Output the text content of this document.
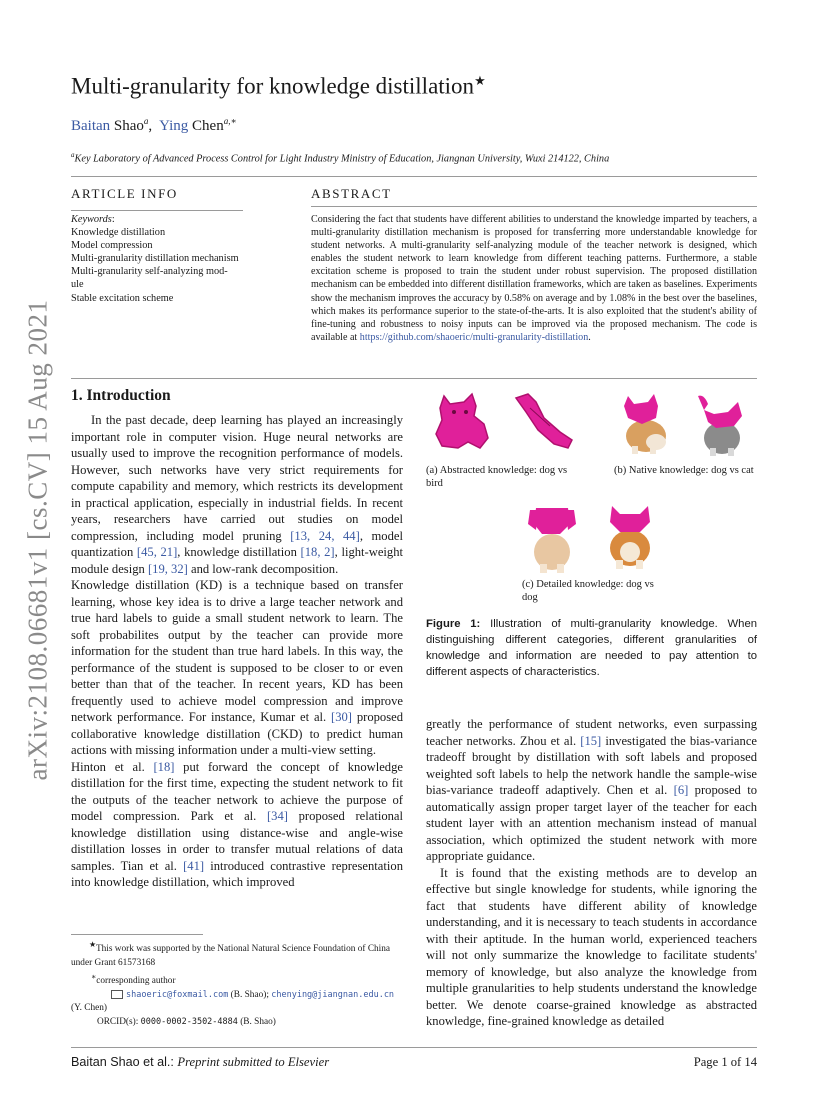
arXiv:2108.06681v1 [cs.CV] 15 Aug 2021
Multi-granularity for knowledge distillation★
Baitan Shao$^a$,  Ying Chen$^{a,∗}$
$^a$Key Laboratory of Advanced Process Control for Light Industry Ministry of Education, Jiangnan University, Wuxi 214122, China
ARTICLE INFO
Keywords:
Knowledge distillation
Model compression
Multi-granularity distillation mechanism
Multi-granularity self-analyzing mod-
ule
Stable excitation scheme
ABSTRACT
Considering the fact that students have different abilities to understand the knowledge imparted by teachers, a multi-granularity distillation mechanism is proposed for transferring more understandable knowledge for student networks. A multi-granularity self-analyzing module of the teacher network is designed, which enables the student network to learn knowledge from different teaching patterns. Furthermore, a stable excitation scheme is proposed to train the student under robust supervision. The proposed distillation mechanism can be embedded into different distillation frameworks, which are taken as baselines. Experiments show the mechanism improves the accuracy by 0.58% on average and by 1.08% in the best over the baselines, which makes its performance superior to the state-of-the-arts. It is also exploited that the student's ability of fine-tuning and robustness to noisy inputs can be improved via the proposed mechanism. The code is available at https://github.com/shaoeric/multi-granularity-distillation.
1. Introduction

In the past decade, deep learning has played an increasingly important role in computer vision. Huge neural networks are usually used to improve the recognition performance of models. However, such networks have very strict requirements for compute capability and memory, which restricts its development in practical application, especially in industrial fields. In recent years, researchers have carried out studies on model compression, including model pruning [13, 24, 44], model quantization [45, 21], knowledge distillation [18, 2], light-weight module design [19, 32] and low-rank decomposition.

Knowledge distillation (KD) is a technique based on transfer learning, whose key idea is to drive a large teacher network and true hard labels to guide a small student network to learn. The soft probabilites output by the teacher can provide more information for the student than true hard labels. In this way, the performance of the student is supposed to be closer to or even better than that of the teacher. In recent years, KD has been frequently used to achieve model compression and improve network performance. For instance, Kumar et al. [30] proposed collaborative knowledge distillation (CKD) to predict human actions with missing information under a multi-view setting.

Hinton et al. [18] put forward the concept of knowledge distillation for the first time, expecting the student network to fit the outputs of the teacher network to achieve the purpose of model compression. Park et al. [34] proposed relational knowledge distillation using distance-wise and angle-wise distillation losses in order to transfer mutual relations of data samples. Tian et al. [41] introduced contrastive representation into knowledge distillation, which improved

(a) Abstracted knowledge: dog vs bird
(b) Native knowledge: dog vs cat
(c) Detailed knowledge: dog vs dog
Figure 1: Illustration of multi-granularity knowledge. When distinguishing different categories, different granularities of knowledge and information are needed to pay attention to different aspects of characteristics.

greatly the performance of student networks, even surpassing teacher networks. Zhou et al. [15] investigated the bias-variance tradeoff brought by distillation with soft labels and proposed weighted soft labels to help the network handle the sample-wise bias-variance tradeoff adaptively. Chen et al. [6] proposed to automatically assign proper target layer of the teacher for each student layer with an attention mechanism instead of manual association, which optimized the student network with more appropriate guidance.

It is found that the existing methods are to develop an effective but single knowledge for students, while ignoring the fact that students have different ability of knowledge understanding, and it is necessary to teach students in accordance with their aptitude. In the human world, experienced teachers will not only summarize the knowledge to facilitate students' memory of knowledge, but also analyze the knowledge from multiple granularities to help students understand the knowledge better. We denote coarse-grained knowledge as abstracted knowledge, fine-grained knowledge as detailed

★This work was supported by the National Natural Science Foundation of China under Grant 61573168

∗corresponding author

shaoeric@foxmail.com (B. Shao); chenying@jiangnan.edu.cn (Y. Chen)

ORCID(s): 0000-0002-3502-4884 (B. Shao)

Baitan Shao et al.: Preprint submitted to Elsevier	Page 1 of 14
